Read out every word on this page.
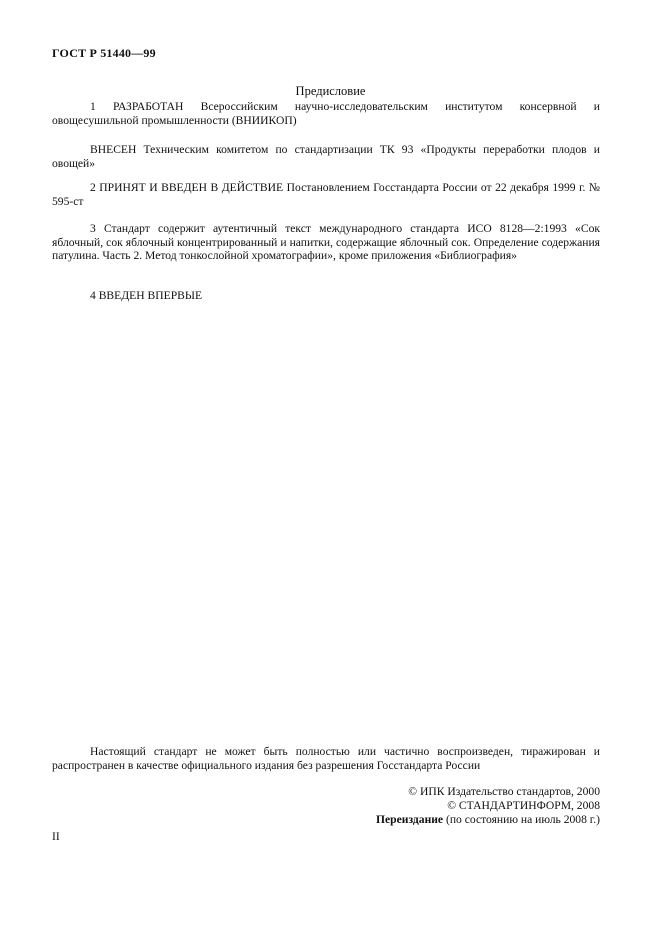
ГОСТ Р 51440—99
Предисловие

1 РАЗРАБОТАН Всероссийским научно-исследовательским институтом консервной и овощесушильной промышленности (ВНИИКОП)

ВНЕСЕН Техническим комитетом по стандартизации ТК 93 «Продукты переработки плодов и овощей»

2 ПРИНЯТ И ВВЕДЕН В ДЕЙСТВИЕ Постановлением Госстандарта России от 22 декабря 1999 г. № 595-ст

3 Стандарт содержит аутентичный текст международного стандарта ИСО 8128—2:1993 «Сок яблочный, сок яблочный концентрированный и напитки, содержащие яблочный сок. Определение содержания патулина. Часть 2. Метод тонкослойной хроматографии», кроме приложения «Библиография»

4 ВВЕДЕН ВПЕРВЫЕ

Настоящий стандарт не может быть полностью или частично воспроизведен, тиражирован и распространен в качестве официального издания без разрешения Госстандарта России

© ИПК Издательство стандартов, 2000
© СТАНДАРТИНФОРМ, 2008
Переиздание (по состоянию на июль 2008 г.)
II
